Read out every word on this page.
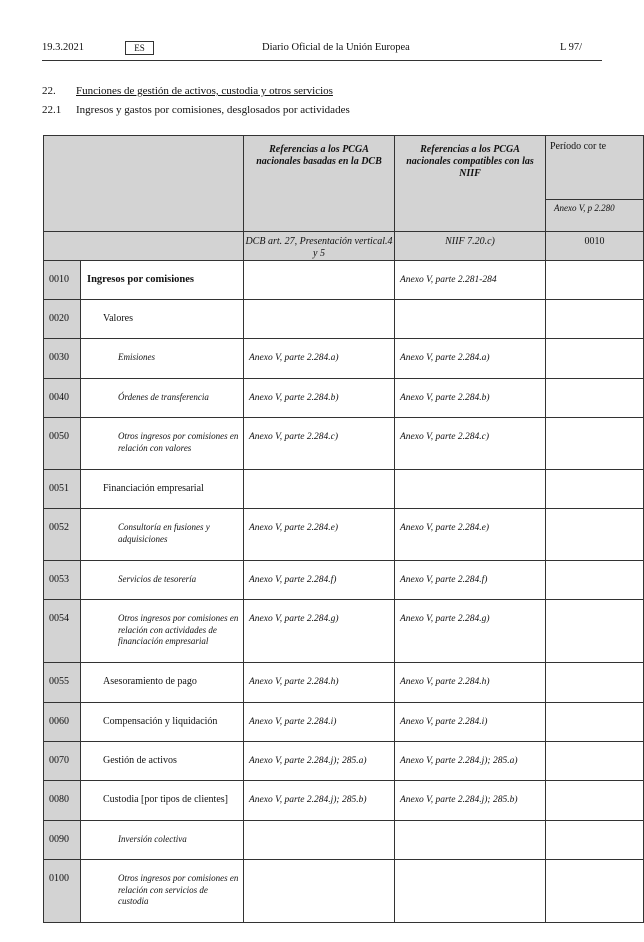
19.3.2021	ES	Diario Oficial de la Unión Europea	L 97/
22. Funciones de gestión de activos, custodia y otros servicios
22.1 Ingresos y gastos por comisiones, desglosados por actividades
		Referencias a los PCGA nacionales basadas en la DCB	Referencias a los PCGA nacionales compatibles con las NIIF	Período cor te
				Anexo V, p 2.280
		DCB art. 27, Presentación vertical.4 y 5	NIIF 7.20.c)	0010
0010	Ingresos por comisiones		Anexo V, parte 2.281-284	
0020	Valores			
0030	Emisiones	Anexo V, parte 2.284.a)	Anexo V, parte 2.284.a)	
0040	Órdenes de transferencia	Anexo V, parte 2.284.b)	Anexo V, parte 2.284.b)	
0050	Otros ingresos por comisiones en relación con valores	Anexo V, parte 2.284.c)	Anexo V, parte 2.284.c)	
0051	Financiación empresarial			
0052	Consultoría en fusiones y adquisiciones	Anexo V, parte 2.284.e)	Anexo V, parte 2.284.e)	
0053	Servicios de tesorería	Anexo V, parte 2.284.f)	Anexo V, parte 2.284.f)	
0054	Otros ingresos por comisiones en relación con actividades de financiación empresarial	Anexo V, parte 2.284.g)	Anexo V, parte 2.284.g)	
0055	Asesoramiento de pago	Anexo V, parte 2.284.h)	Anexo V, parte 2.284.h)	
0060	Compensación y liquidación	Anexo V, parte 2.284.i)	Anexo V, parte 2.284.i)	
0070	Gestión de activos	Anexo V, parte 2.284.j); 285.a)	Anexo V, parte 2.284.j); 285.a)	
0080	Custodia [por tipos de clientes]	Anexo V, parte 2.284.j); 285.b)	Anexo V, parte 2.284.j); 285.b)	
0090	Inversión colectiva			
0100	Otros ingresos por comisiones en relación con servicios de custodia			
